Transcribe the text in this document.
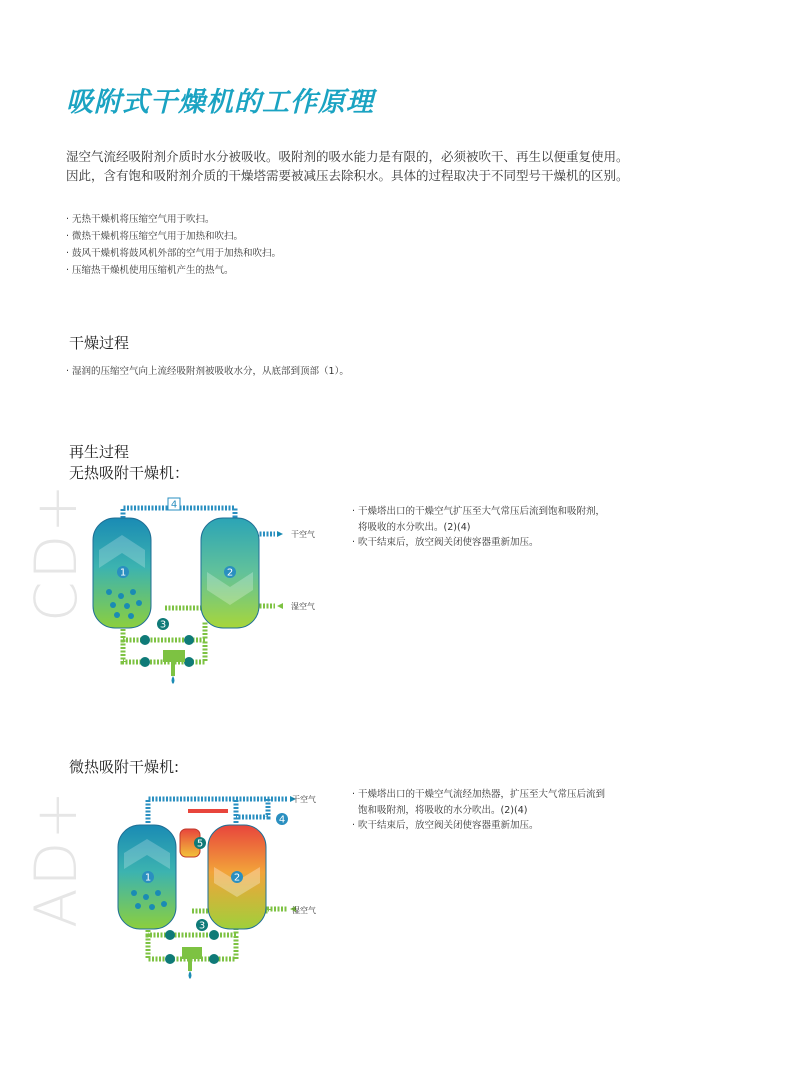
吸附式干燥机的工作原理
湿空气流经吸附剂介质时水分被吸收。吸附剂的吸水能力是有限的，必须被吹干、再生以便重复使用。
因此，含有饱和吸附剂介质的干燥塔需要被减压去除积水。具体的过程取决于不同型号干燥机的区别。
· 无热干燥机将压缩空气用于吹扫。
· 微热干燥机将压缩空气用于加热和吹扫。
· 鼓风干燥机将鼓风机外部的空气用于加热和吹扫。
· 压缩热干燥机使用压缩机产生的热气。
干燥过程
· 湿润的压缩空气向上流经吸附剂被吸收水分，从底部到顶部（1）。
再生过程
无热吸附干燥机：
CD+	1	2
3
4
干空气
湿空气
· 干燥塔出口的干燥空气扩压至大气常压后流到饱和吸附剂，
将吸收的水分吹出。(2)(4)
· 吹干结束后，放空阀关闭使容器重新加压。
微热吸附干燥机:
AD+	1	2
3
4
5
干空气
湿空气
· 干燥塔出口的干燥空气流经加热器，扩压至大气常压后流到
饱和吸附剂，将吸收的水分吹出。(2)(4)
· 吹干结束后，放空阀关闭使容器重新加压。
